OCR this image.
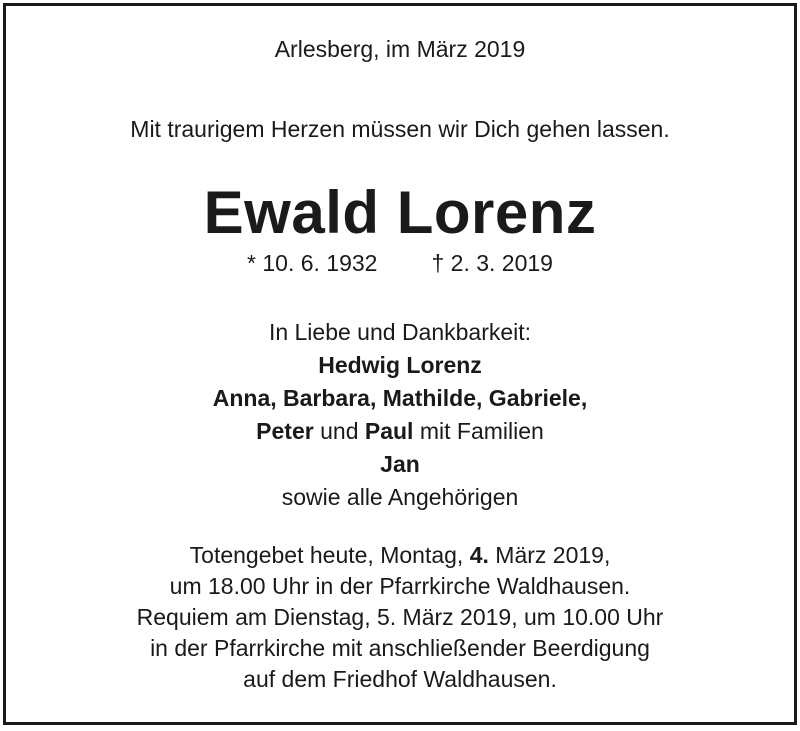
Arlesberg, im März 2019
Mit traurigem Herzen müssen wir Dich gehen lassen.
Ewald Lorenz
* 10. 6. 1932 † 2. 3. 2019
In Liebe und Dankbarkeit:
Hedwig Lorenz
Anna, Barbara, Mathilde, Gabriele,
Peter und Paul mit Familien
Jan
sowie alle Angehörigen
Totengebet heute, Montag, 4. März 2019,
um 18.00 Uhr in der Pfarrkirche Waldhausen.
Requiem am Dienstag, 5. März 2019, um 10.00 Uhr
in der Pfarrkirche mit anschließender Beerdigung
auf dem Friedhof Waldhausen.
